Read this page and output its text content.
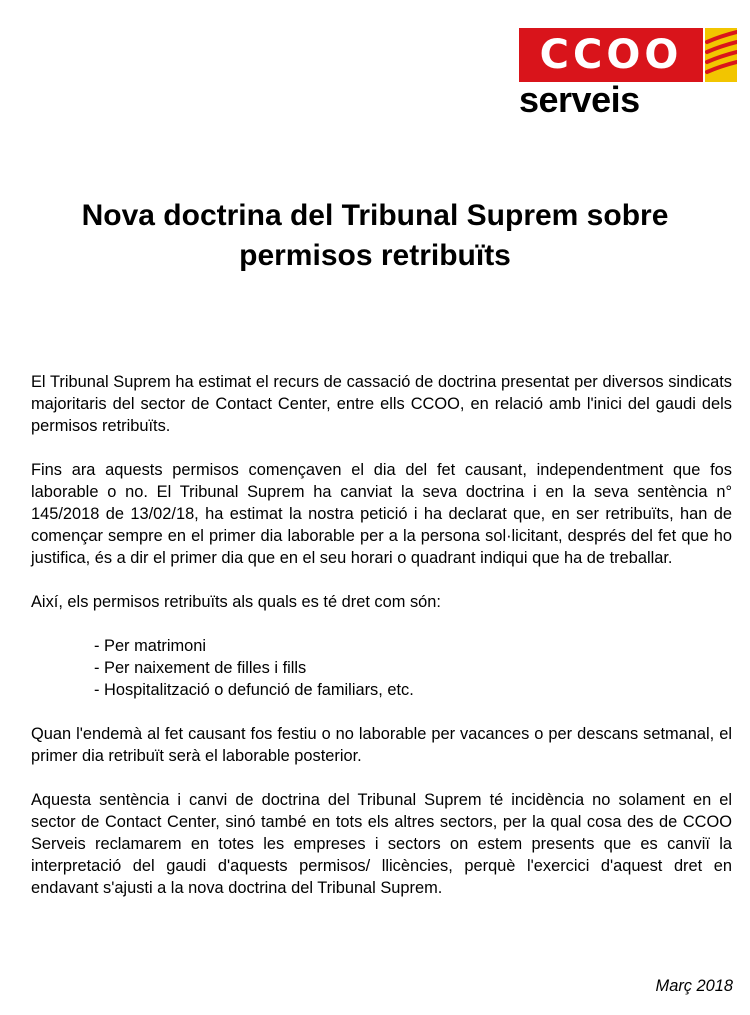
CCOO
serveis
Nova doctrina del Tribunal Suprem sobre
permisos retribuïts

El Tribunal Suprem ha estimat el recurs de cassació de doctrina presentat per diversos sindicats majoritaris del sector de Contact Center, entre ells CCOO, en relació amb l'inici del gaudi dels permisos retribuïts.

Fins ara aquests permisos començaven el dia del fet causant, independentment que fos laborable o no. El Tribunal Suprem ha canviat la seva doctrina i en la seva sentència n° 145/2018 de 13/02/18, ha estimat la nostra petició i ha declarat que, en ser retribuïts, han de començar sempre en el primer dia laborable per a la persona sol·licitant, després del fet que ho justifica, és a dir el primer dia que en el seu horari o quadrant indiqui que ha de treballar.

Així, els permisos retribuïts als quals es té dret com són:

- Per matrimoni
- Per naixement de filles i fills
- Hospitalització o defunció de familiars, etc.

Quan l'endemà al fet causant fos festiu o no laborable per vacances o per descans setmanal, el primer dia retribuït serà el laborable posterior.

Aquesta sentència i canvi de doctrina del Tribunal Suprem té incidència no solament en el sector de Contact Center, sinó també en tots els altres sectors, per la qual cosa des de CCOO Serveis reclamarem en totes les empreses i sectors on estem presents que es canviï la interpretació del gaudi d'aquests permisos/ llicències, perquè l'exercici d'aquest dret en endavant s'ajusti a la nova doctrina del Tribunal Suprem.

Març 2018
